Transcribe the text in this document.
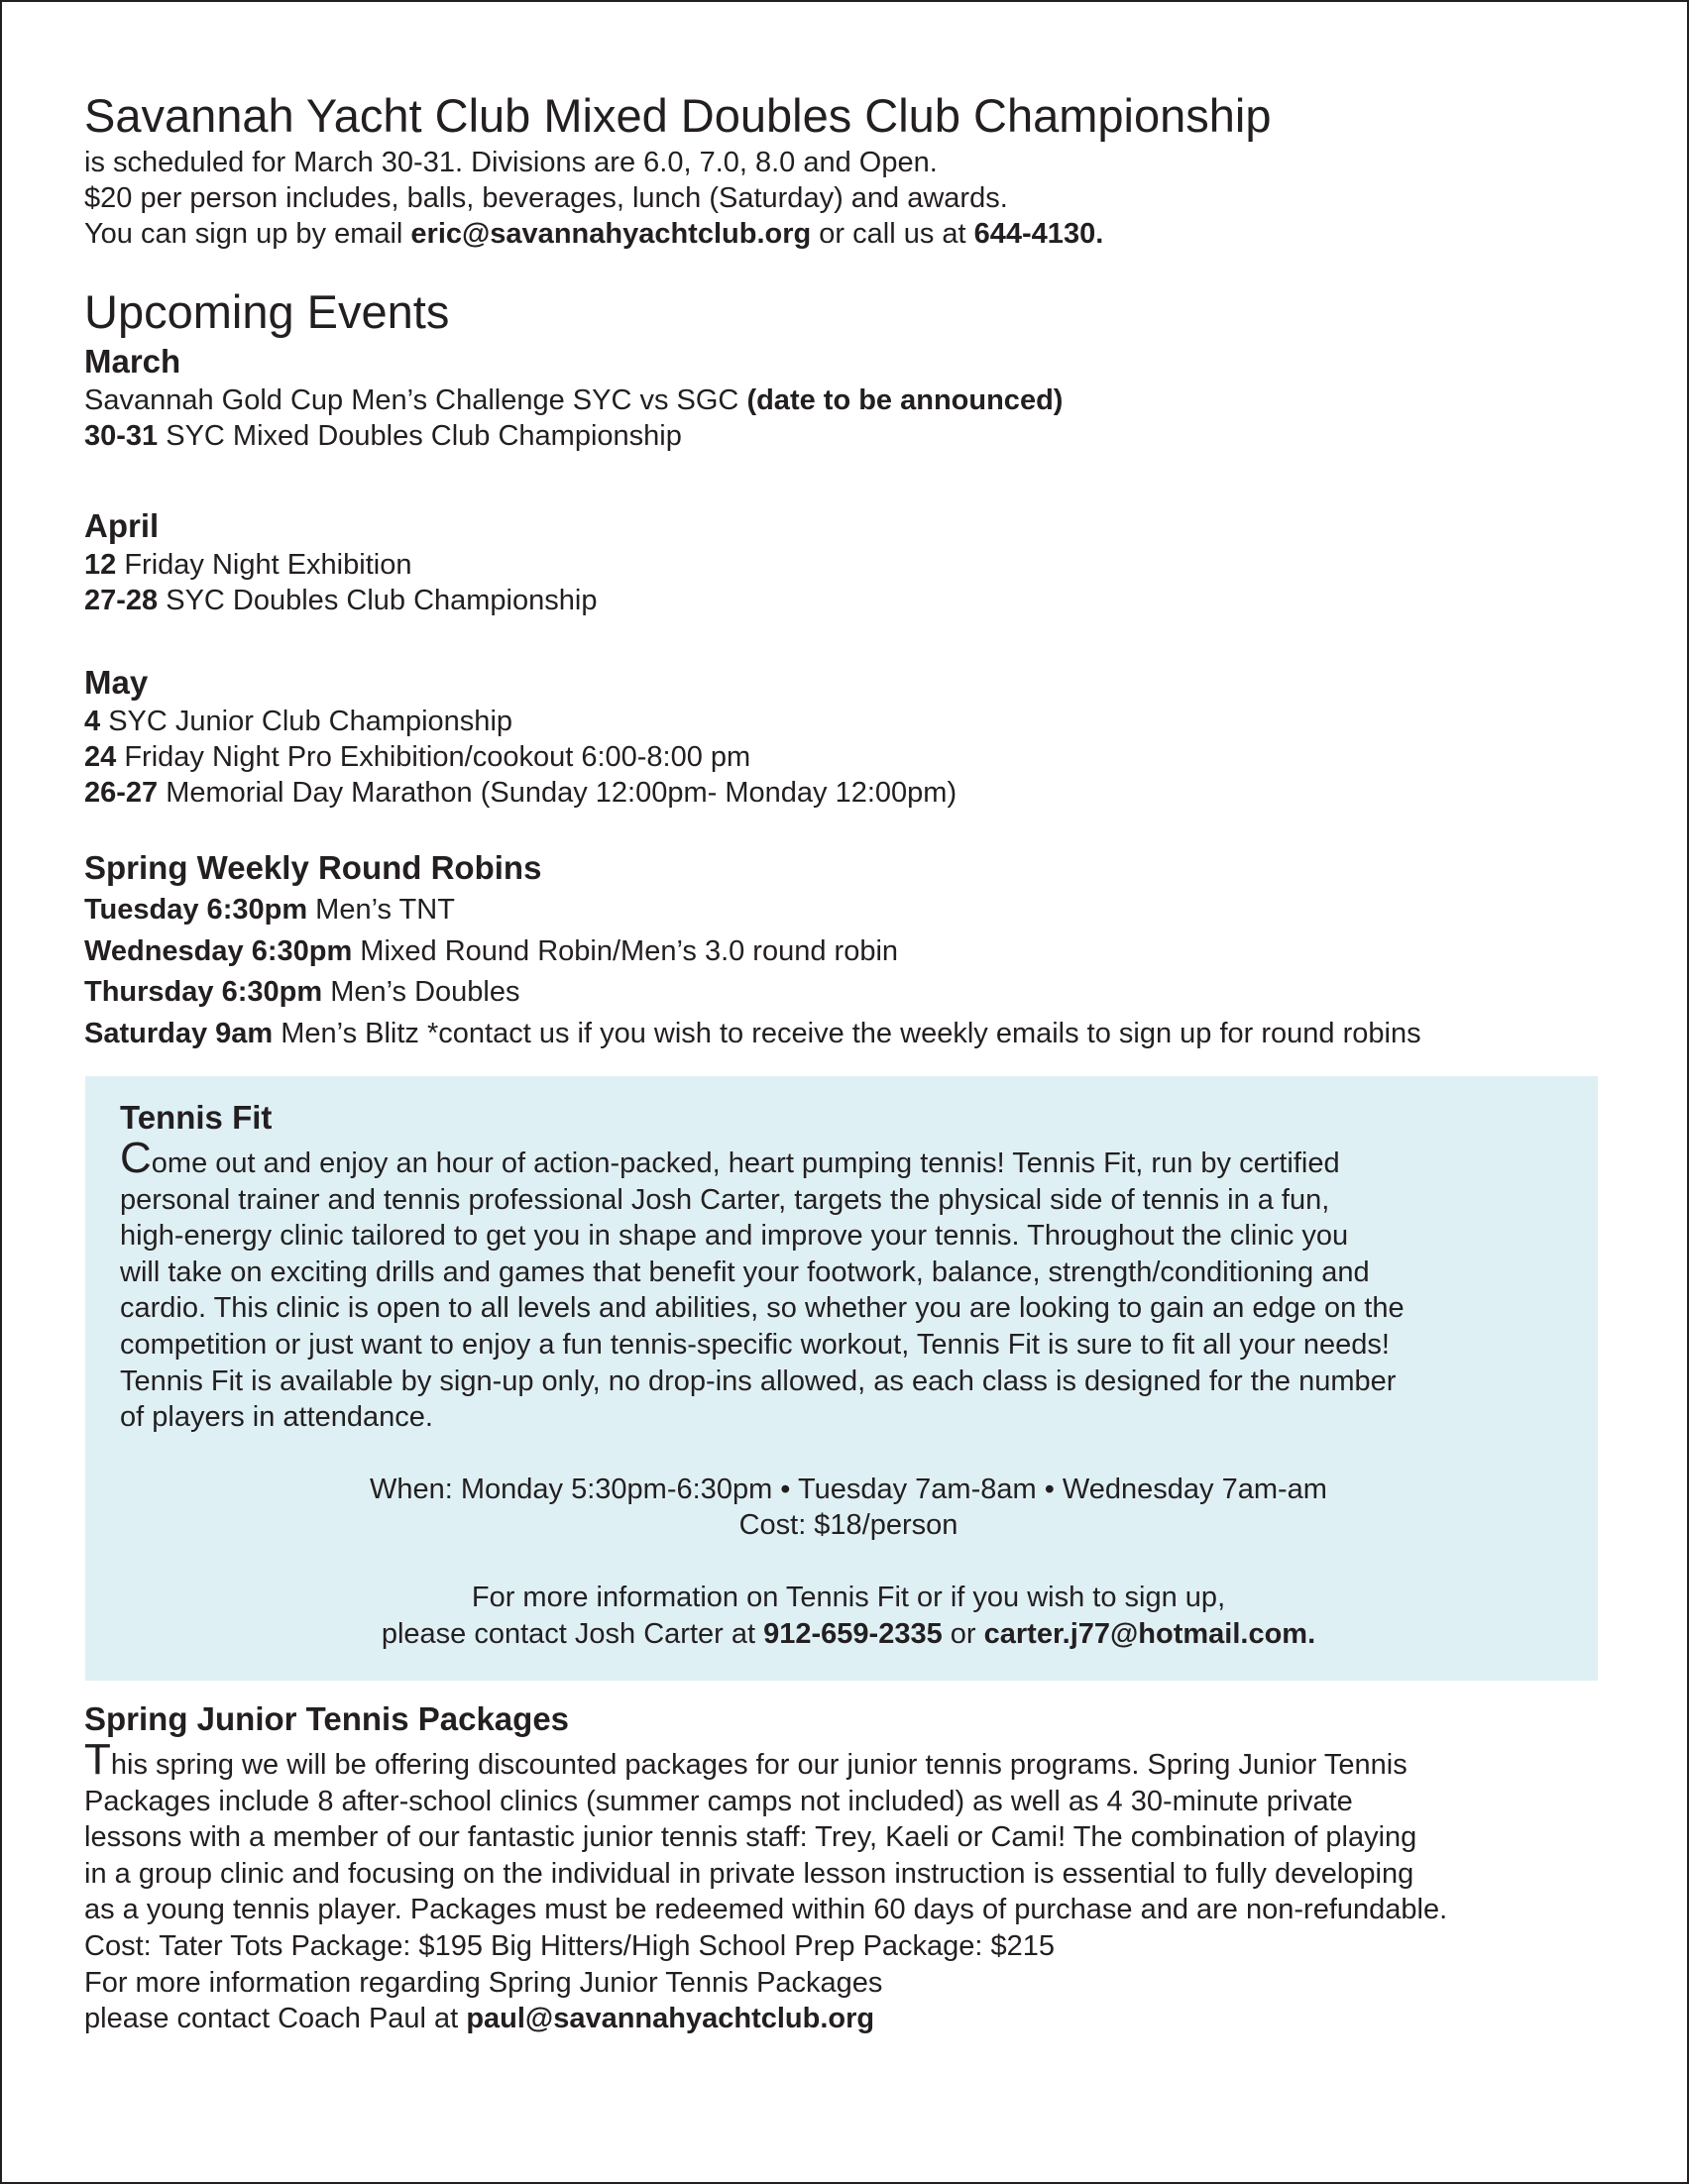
Savannah Yacht Club Mixed Doubles Club Championship

is scheduled for March 30-31. Divisions are 6.0, 7.0, 8.0 and Open.

$20 per person includes, balls, beverages, lunch (Saturday) and awards.

You can sign up by email eric@savannahyachtclub.org or call us at 644-4130.

Upcoming Events

March

Savannah Gold Cup Men’s Challenge SYC vs SGC (date to be announced)

30-31 SYC Mixed Doubles Club Championship

April

12 Friday Night Exhibition

27-28 SYC Doubles Club Championship

May

4 SYC Junior Club Championship

24 Friday Night Pro Exhibition/cookout 6:00-8:00 pm

26-27 Memorial Day Marathon (Sunday 12:00pm- Monday 12:00pm)

Spring Weekly Round Robins

Tuesday 6:30pm Men’s TNT

Wednesday 6:30pm Mixed Round Robin/Men’s 3.0 round robin

Thursday 6:30pm Men’s Doubles

Saturday 9am Men’s Blitz *contact us if you wish to receive the weekly emails to sign up for round robins

Tennis Fit

Come out and enjoy an hour of action-packed, heart pumping tennis! Tennis Fit, run by certified

personal trainer and tennis professional Josh Carter, targets the physical side of tennis in a fun,

high-energy clinic tailored to get you in shape and improve your tennis. Throughout the clinic you

will take on exciting drills and games that benefit your footwork, balance, strength/conditioning and

cardio. This clinic is open to all levels and abilities, so whether you are looking to gain an edge on the

competition or just want to enjoy a fun tennis-specific workout, Tennis Fit is sure to fit all your needs!

Tennis Fit is available by sign-up only, no drop-ins allowed, as each class is designed for the number

of players in attendance.

When: Monday 5:30pm-6:30pm • Tuesday 7am-8am • Wednesday 7am-am

Cost: $18/person

For more information on Tennis Fit or if you wish to sign up,

please contact Josh Carter at 912-659-2335 or carter.j77@hotmail.com.

Spring Junior Tennis Packages

This spring we will be offering discounted packages for our junior tennis programs. Spring Junior Tennis

Packages include 8 after-school clinics (summer camps not included) as well as 4 30-minute private

lessons with a member of our fantastic junior tennis staff: Trey, Kaeli or Cami! The combination of playing

in a group clinic and focusing on the individual in private lesson instruction is essential to fully developing

as a young tennis player. Packages must be redeemed within 60 days of purchase and are non-refundable.

Cost: Tater Tots Package: $195 Big Hitters/High School Prep Package: $215

For more information regarding Spring Junior Tennis Packages

please contact Coach Paul at paul@savannahyachtclub.org
